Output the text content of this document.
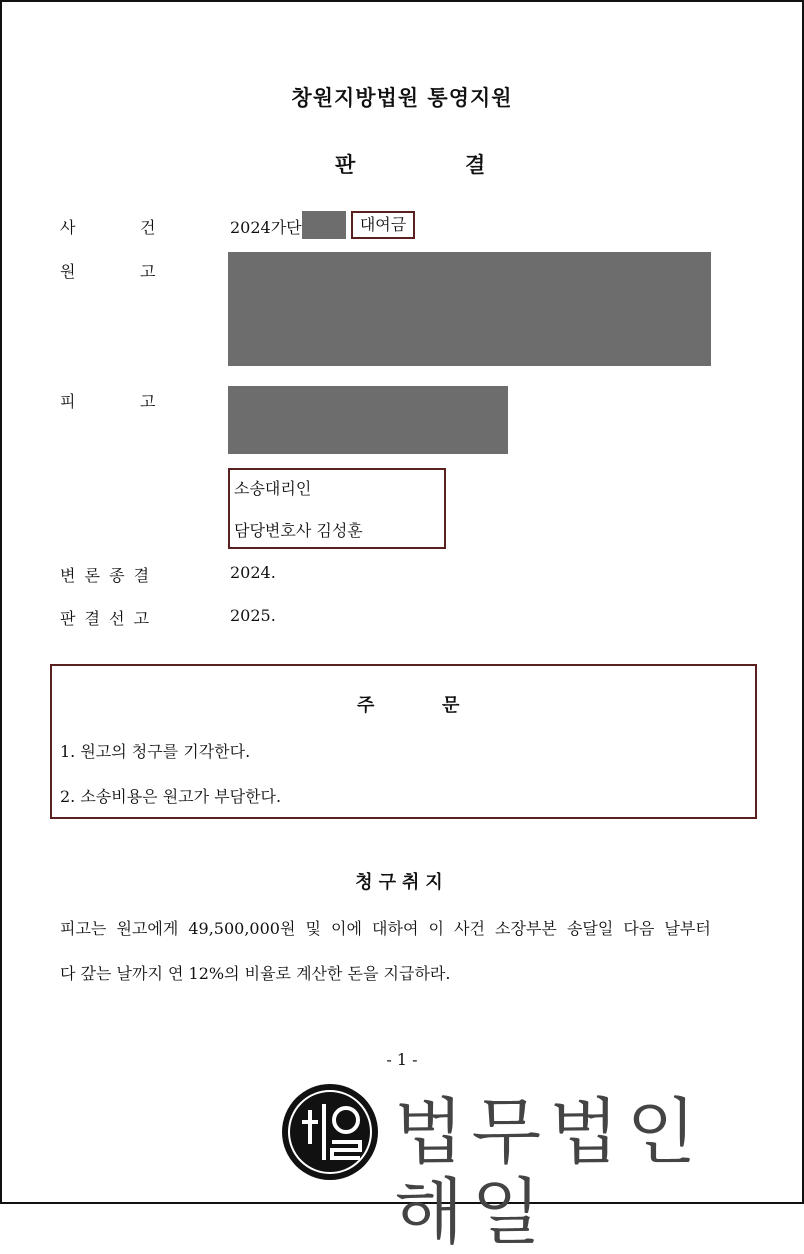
창원지방법원 통영지원
판	결
사	건	2024가단	대여금
원	고
피	고
소송대리인
담당변호사 김성훈
변 론 종 결	2024.
판 결 선 고	2025.
주	문
1. 원고의 청구를 기각한다.
2. 소송비용은 원고가 부담한다.
청구취지
피고는 원고에게 49,500,000원 및 이에 대하여 이 사건 소장부본 송달일 다음 날부터
다 갚는 날까지 연 12%의 비율로 계산한 돈을 지급하라.
- 1 -
법무법인 해일
